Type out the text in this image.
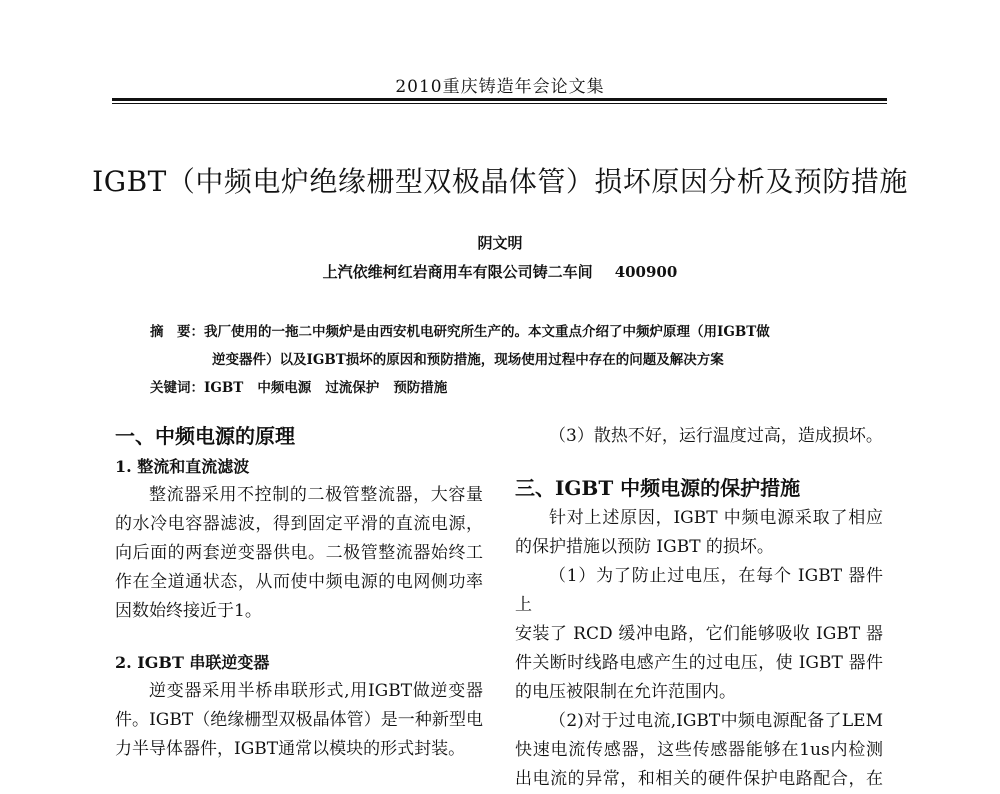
2010重庆铸造年会论文集
IGBT（中频电炉绝缘栅型双极晶体管）损坏原因分析及预防措施
阴文明
上汽依维柯红岩商用车有限公司铸二车间 400900
摘　要：我厂使用的一拖二中频炉是由西安机电研究所生产的。本文重点介绍了中频炉原理（用IGBT做
逆变器件）以及IGBT损坏的原因和预防措施，现场使用过程中存在的问题及解决方案
关键词：IGBT 中频电源 过流保护 预防措施
一、中频电源的原理
1. 整流和直流滤波

整流器采用不控制的二极管整流器，大容量

的水冷电容器滤波，得到固定平滑的直流电源，

向后面的两套逆变器供电。二极管整流器始终工

作在全道通状态，从而使中频电源的电网侧功率

因数始终接近于1。

2. IGBT 串联逆变器

逆变器采用半桥串联形式,用IGBT做逆变器

件。IGBT（绝缘栅型双极晶体管）是一种新型电

力半导体器件，IGBT通常以模块的形式封装。

（3）散热不好，运行温度过高，造成损坏。

三、IGBT 中频电源的保护措施

针对上述原因，IGBT 中频电源采取了相应

的保护措施以预防 IGBT 的损坏。

（1）为了防止过电压，在每个 IGBT 器件上

安装了 RCD 缓冲电路，它们能够吸收 IGBT 器

件关断时线路电感产生的过电压，使 IGBT 器件

的电压被限制在允许范围内。

（2)对于过电流,IGBT中频电源配备了LEM

快速电流传感器，这些传感器能够在1us内检测

出电流的异常，和相关的硬件保护电路配合，在
